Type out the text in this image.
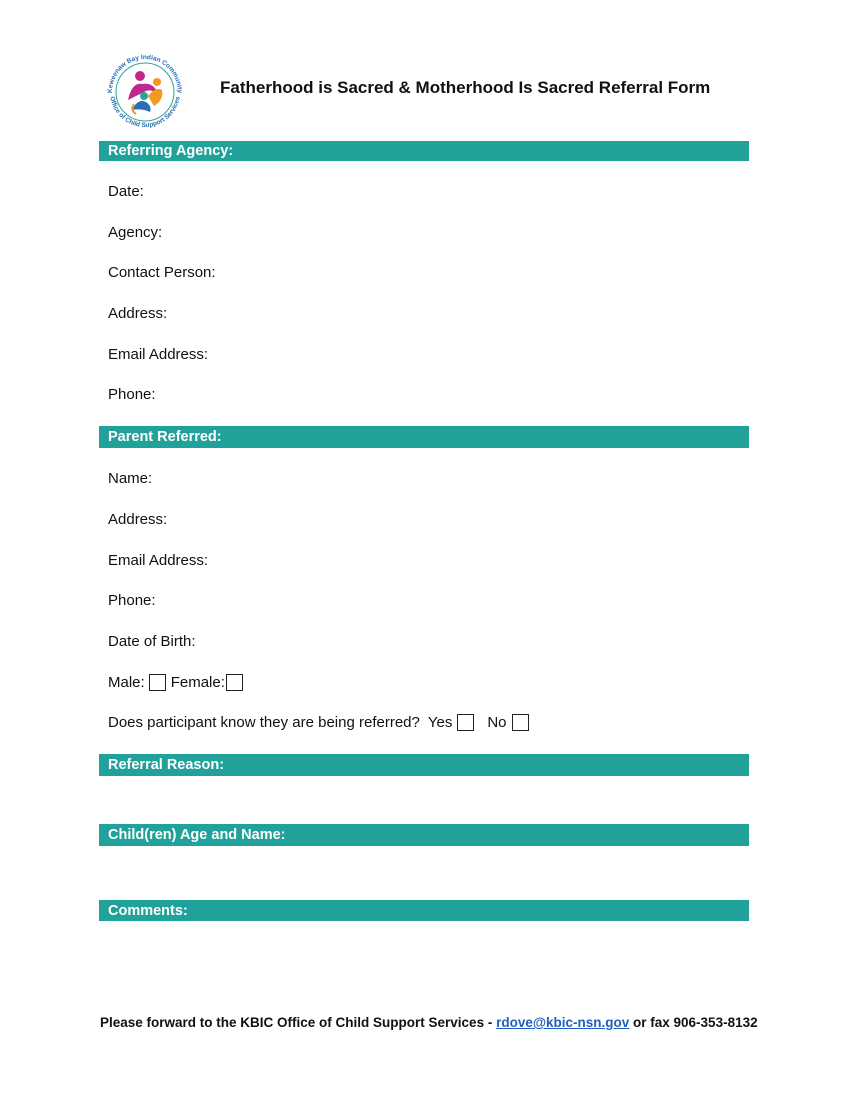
Keweenaw Bay Indian Community
Office of Child Support Services
Fatherhood is Sacred & Motherhood Is Sacred Referral Form
Referring Agency:
Date:
Agency:
Contact Person:
Address:
Email Address:
Phone:
Parent Referred:
Name:
Address:
Email Address:
Phone:
Date of Birth:
Male: Female:
Does participant know they are being referred? Yes No
Referral Reason:
Child(ren) Age and Name:
Comments:
Please forward to the KBIC Office of Child Support Services - rdove@kbic-nsn.gov or fax 906-353-8132
